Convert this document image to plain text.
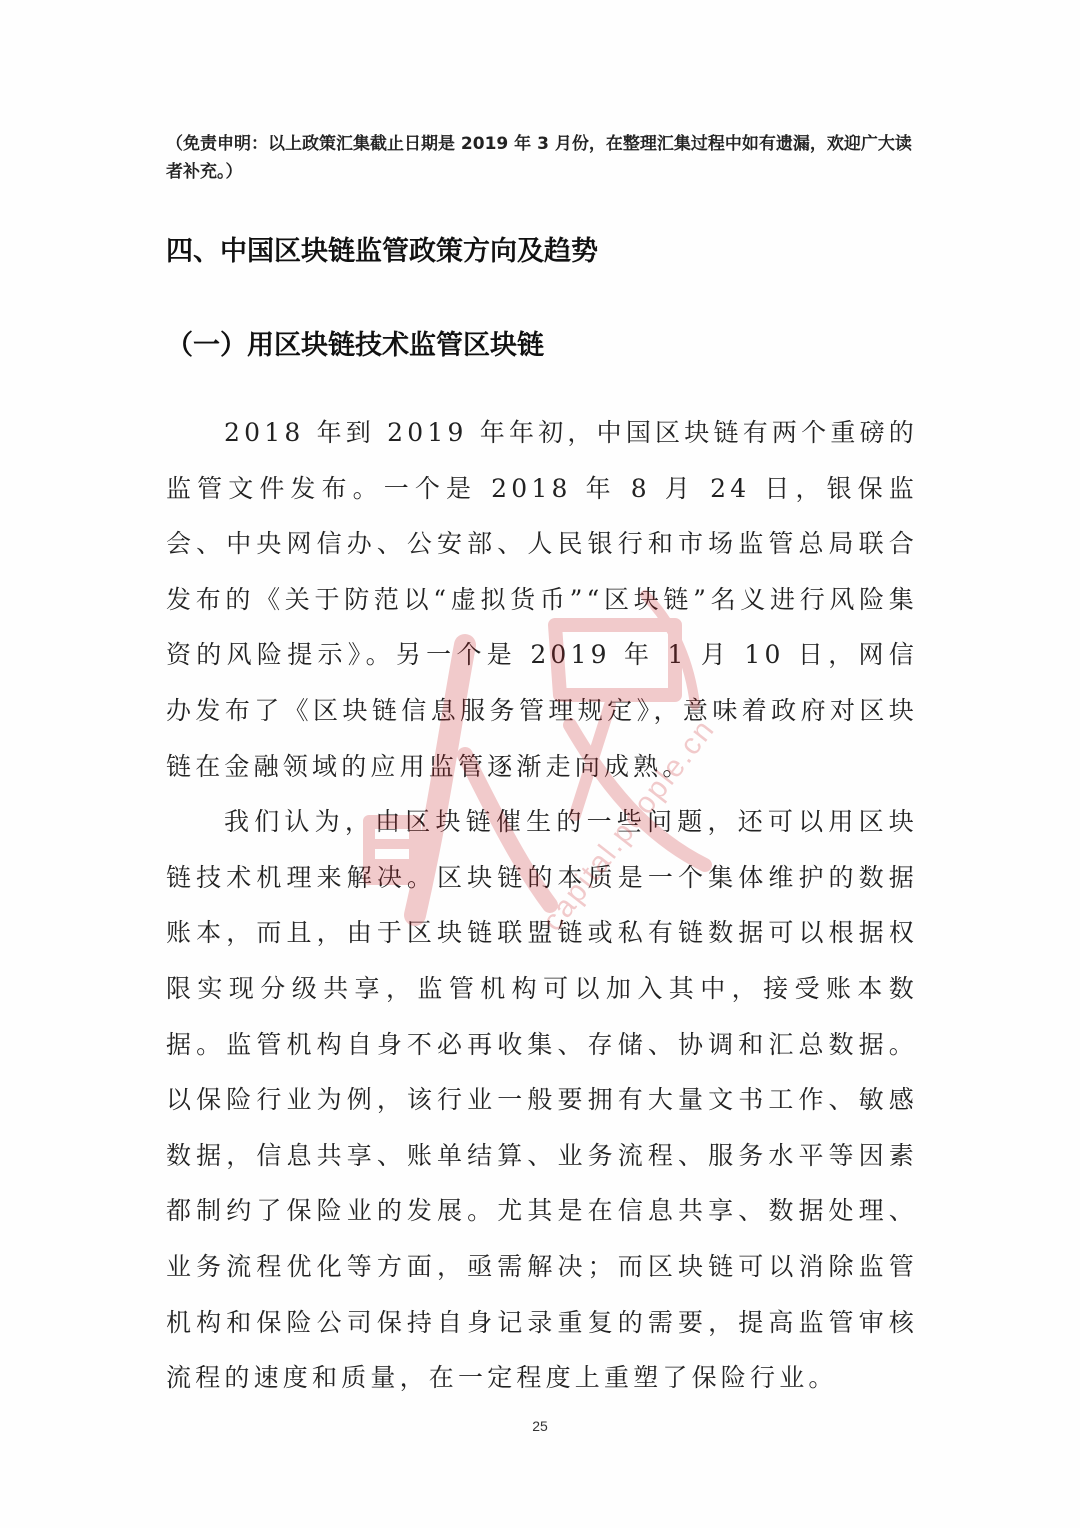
（免责申明：以上政策汇集截止日期是 2019 年 3 月份，在整理汇集过程中如有遗漏，欢迎广大读者补充。）

四、中国区块链监管政策方向及趋势
（一）用区块链技术监管区块链

2018 年到 2019 年年初，中国区块链有两个重磅的监管文件发布。一个是 2018 年 8 月 24 日，银保监会、中央网信办、公安部、人民银行和市场监管总局联合发布的《关于防范以“虚拟货币”“区块链”名义进行风险集资的风险提示》。另一个是 2019 年 1 月 10 日，网信办发布了《区块链信息服务管理规定》，意味着政府对区块链在金融领域的应用监管逐渐走向成熟。

我们认为，由区块链催生的一些问题，还可以用区块链技术机理来解决。区块链的本质是一个集体维护的数据账本，而且，由于区块链联盟链或私有链数据可以根据权限实现分级共享，监管机构可以加入其中，接受账本数据。监管机构自身不必再收集、存储、协调和汇总数据。以保险行业为例，该行业一般要拥有大量文书工作、敏感数据，信息共享、账单结算、业务流程、服务水平等因素都制约了保险业的发展。尤其是在信息共享、数据处理、业务流程优化等方面，亟需解决；而区块链可以消除监管机构和保险公司保持自身记录重复的需要，提高监管审核流程的速度和质量，在一定程度上重塑了保险行业。

capital.people.cn

25
